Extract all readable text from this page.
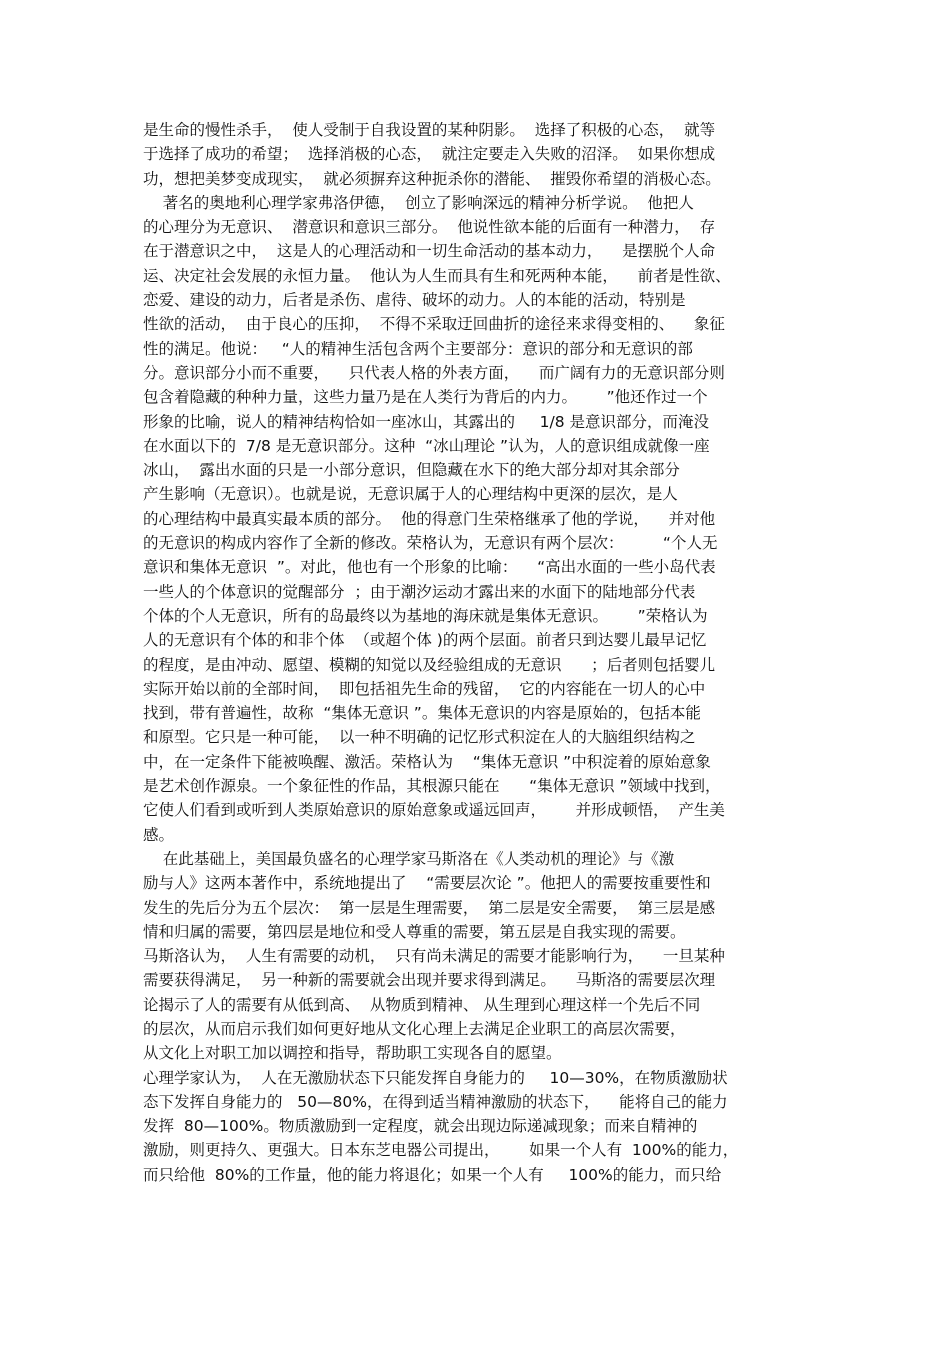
是生命的慢性杀手，  使人受制于自我设置的某种阴影。  选择了积极的心态，  就等
于选择了成功的希望；  选择消极的心态，  就注定要走入失败的沼泽。  如果你想成
功，想把美梦变成现实，  就必须摒弃这种扼杀你的潜能、  摧毁你希望的消极心态。
著名的奥地利心理学家弗洛伊德，  创立了影响深远的精神分析学说。  他把人
的心理分为无意识、  潜意识和意识三部分。  他说性欲本能的后面有一种潜力，  存
在于潜意识之中，  这是人的心理活动和一切生命活动的基本动力，    是摆脱个人命
运、决定社会发展的永恒力量。  他认为人生而具有生和死两种本能，    前者是性欲、
恋爱、建设的动力，后者是杀伤、虐待、破坏的动力。人的本能的活动，特别是
性欲的活动，  由于良心的压抑，  不得不采取迂回曲折的途径来求得变相的、    象征
性的满足。他说：   “人的精神生活包含两个主要部分：意识的部分和无意识的部
分。意识部分小而不重要，    只代表人格的外表方面，    而广阔有力的无意识部分则
包含着隐藏的种种力量，这些力量乃是在人类行为背后的内力。      ”他还作过一个
形象的比喻，说人的精神结构恰如一座冰山，其露出的     1/8 是意识部分，而淹没
在水面以下的  7/8 是无意识部分。这种  “冰山理论 ”认为，人的意识组成就像一座
冰山，  露出水面的只是一小部分意识，但隐藏在水下的绝大部分却对其余部分
产生影响（无意识）。也就是说，无意识属于人的心理结构中更深的层次，是人
的心理结构中最真实最本质的部分。  他的得意门生荣格继承了他的学说，    并对他
的无意识的构成内容作了全新的修改。荣格认为，无意识有两个层次：        “个人无
意识和集体无意识  ”。对此，他也有一个形象的比喻：    “高出水面的一些小岛代表
一些人的个体意识的觉醒部分  ；由于潮汐运动才露出来的水面下的陆地部分代表
个体的个人无意识，所有的岛最终以为基地的海床就是集体无意识。      ”荣格认为
人的无意识有个体的和非个体  （或超个体 )的两个层面。前者只到达婴儿最早记忆
的程度，是由冲动、愿望、模糊的知觉以及经验组成的无意识      ；后者则包括婴儿
实际开始以前的全部时间，  即包括祖先生命的残留，  它的内容能在一切人的心中
找到，带有普遍性，故称  “集体无意识 ”。集体无意识的内容是原始的，包括本能
和原型。它只是一种可能，  以一种不明确的记忆形式积淀在人的大脑组织结构之
中，在一定条件下能被唤醒、激活。荣格认为    “集体无意识 ”中积淀着的原始意象
是艺术创作源泉。一个象征性的作品，其根源只能在      “集体无意识 ”领域中找到，
它使人们看到或听到人类原始意识的原始意象或遥远回声，      并形成顿悟，  产生美
感。
在此基础上，美国最负盛名的心理学家马斯洛在《人类动机的理论》与《激
励与人》这两本著作中，系统地提出了    “需要层次论 ”。他把人的需要按重要性和
发生的先后分为五个层次：  第一层是生理需要，  第二层是安全需要，  第三层是感
情和归属的需要，第四层是地位和受人尊重的需要，第五层是自我实现的需要。
马斯洛认为，  人生有需要的动机，  只有尚未满足的需要才能影响行为，    一旦某种
需要获得满足，  另一种新的需要就会出现并要求得到满足。    马斯洛的需要层次理
论揭示了人的需要有从低到高、  从物质到精神、 从生理到心理这样一个先后不同
的层次，从而启示我们如何更好地从文化心理上去满足企业职工的高层次需要，
从文化上对职工加以调控和指导，帮助职工实现各自的愿望。
心理学家认为，  人在无激励状态下只能发挥自身能力的     10—30%，在物质激励状
态下发挥自身能力的   50—80%，在得到适当精神激励的状态下，    能将自己的能力
发挥  80—100%。物质激励到一定程度，就会出现边际递减现象；而来自精神的
激励，则更持久、更强大。日本东芝电器公司提出，      如果一个人有  100%的能力，
而只给他  80%的工作量，他的能力将退化；如果一个人有     100%的能力，而只给
